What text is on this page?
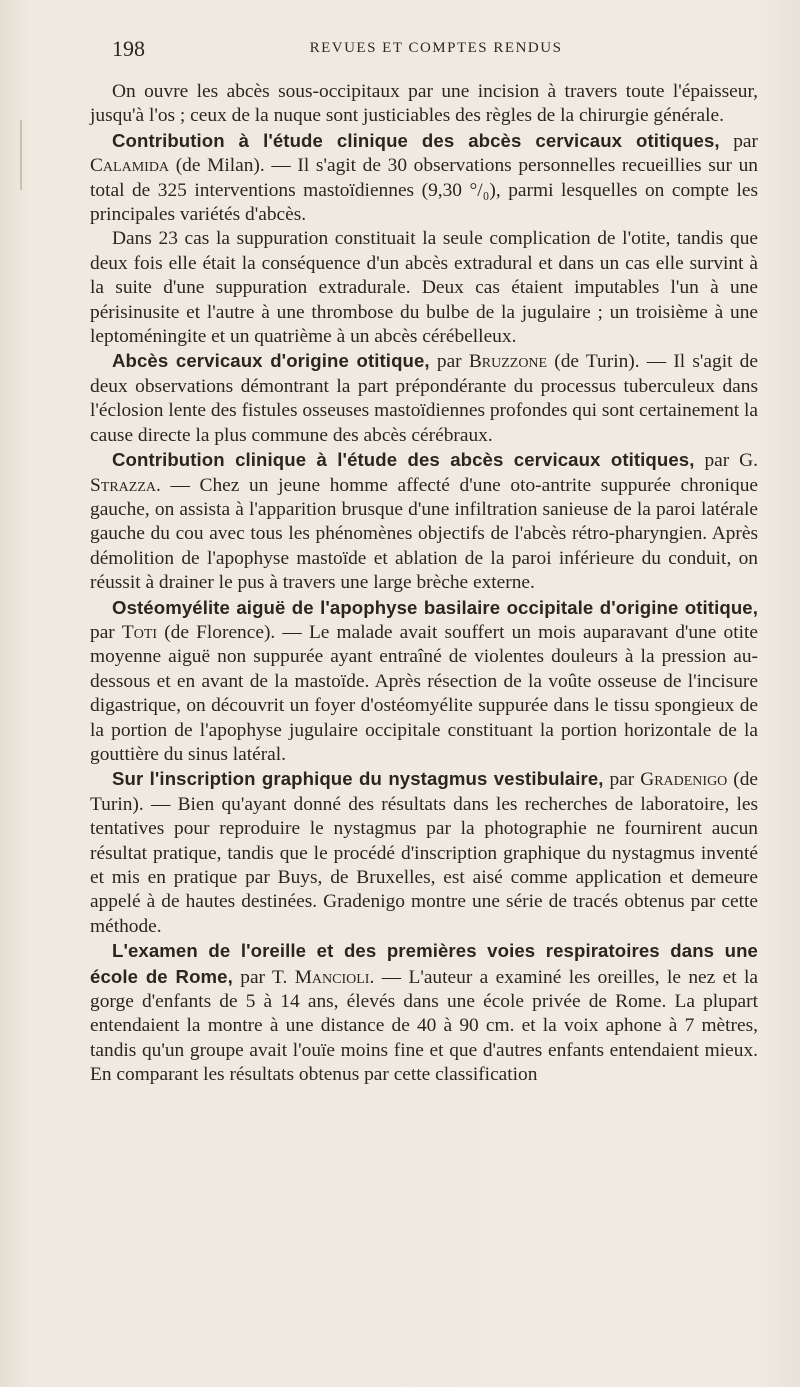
198	REVUES ET COMPTES RENDUS

On ouvre les abcès sous-occipitaux par une incision à travers toute l'épaisseur, jusqu'à l'os ; ceux de la nuque sont justiciables des règles de la chirurgie générale.

Contribution à l'étude clinique des abcès cervicaux otitiques, par Calamida (de Milan). — Il s'agit de 30 observations personnelles recueillies sur un total de 325 interventions mastoïdiennes (9,30 °/₀), parmi lesquelles on compte les principales variétés d'abcès.

Dans 23 cas la suppuration constituait la seule complication de l'otite, tandis que deux fois elle était la conséquence d'un abcès extradural et dans un cas elle survint à la suite d'une suppuration extradurale. Deux cas étaient imputables l'un à une périsinusite et l'autre à une thrombose du bulbe de la jugulaire ; un troisième à une leptoméningite et un quatrième à un abcès cérébelleux.

Abcès cervicaux d'origine otitique, par Bruzzone (de Turin). — Il s'agit de deux observations démontrant la part prépondérante du processus tuberculeux dans l'éclosion lente des fistules osseuses mastoïdiennes profondes qui sont certainement la cause directe la plus commune des abcès cérébraux.

Contribution clinique à l'étude des abcès cervicaux otitiques, par G. Strazza. — Chez un jeune homme affecté d'une oto-antrite suppurée chronique gauche, on assista à l'apparition brusque d'une infiltration sanieuse de la paroi latérale gauche du cou avec tous les phénomènes objectifs de l'abcès rétro-pharyngien. Après démolition de l'apophyse mastoïde et ablation de la paroi inférieure du conduit, on réussit à drainer le pus à travers une large brèche externe.

Ostéomyélite aiguë de l'apophyse basilaire occipitale d'origine otitique, par Toti (de Florence). — Le malade avait souffert un mois auparavant d'une otite moyenne aiguë non suppurée ayant entraîné de violentes douleurs à la pression au-dessous et en avant de la mastoïde. Après résection de la voûte osseuse de l'incisure digastrique, on découvrit un foyer d'ostéomyélite suppurée dans le tissu spongieux de la portion de l'apophyse jugulaire occipitale constituant la portion horizontale de la gouttière du sinus latéral.

Sur l'inscription graphique du nystagmus vestibulaire, par Gradenigo (de Turin). — Bien qu'ayant donné des résultats dans les recherches de laboratoire, les tentatives pour reproduire le nystagmus par la photographie ne fournirent aucun résultat pratique, tandis que le procédé d'inscription graphique du nystagmus inventé et mis en pratique par Buys, de Bruxelles, est aisé comme application et demeure appelé à de hautes destinées. Gradenigo montre une série de tracés obtenus par cette méthode.

L'examen de l'oreille et des premières voies respiratoires dans une école de Rome, par T. Mancioli. — L'auteur a examiné les oreilles, le nez et la gorge d'enfants de 5 à 14 ans, élevés dans une école privée de Rome. La plupart entendaient la montre à une distance de 40 à 90 cm. et la voix aphone à 7 mètres, tandis qu'un groupe avait l'ouïe moins fine et que d'autres enfants entendaient mieux. En comparant les résultats obtenus par cette classification
